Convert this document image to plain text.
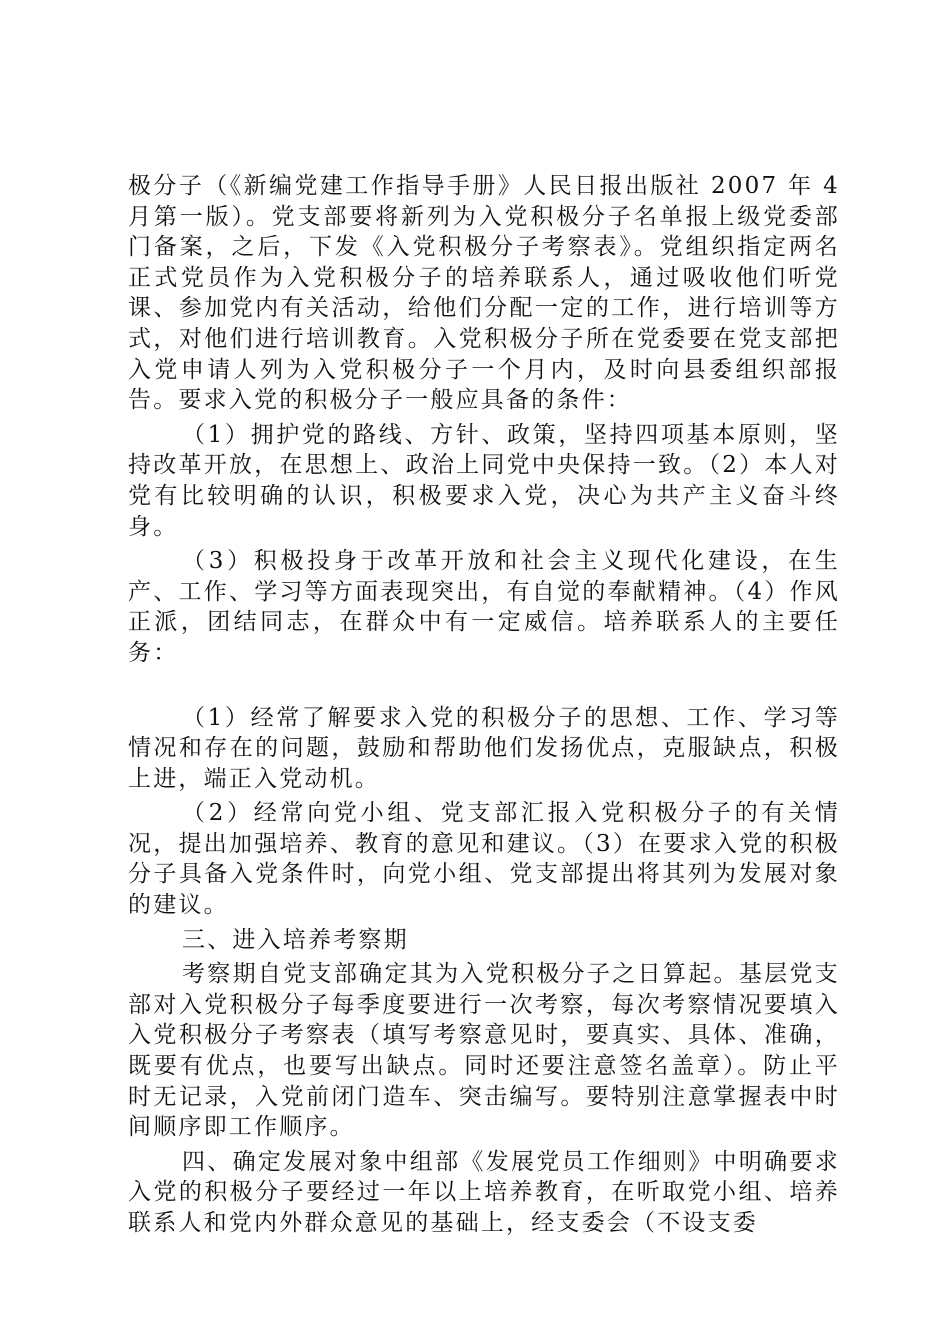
极分子（《新编党建工作指导手册》人民日报出版社 2007 年 4 月第一版）。党支部要将新列为入党积极分子名单报上级党委部门备案，之后，下发《入党积极分子考察表》。党组织指定两名正式党员作为入党积极分子的培养联系人，通过吸收他们听党课、参加党内有关活动，给他们分配一定的工作，进行培训等方式，对他们进行培训教育。入党积极分子所在党委要在党支部把入党申请人列为入党积极分子一个月内，及时向县委组织部报告。要求入党的积极分子一般应具备的条件：

（1）拥护党的路线、方针、政策，坚持四项基本原则，坚持改革开放，在思想上、政治上同党中央保持一致。（2）本人对党有比较明确的认识，积极要求入党，决心为共产主义奋斗终身。

（3）积极投身于改革开放和社会主义现代化建设，在生产、工作、学习等方面表现突出，有自觉的奉献精神。（4）作风正派，团结同志，在群众中有一定威信。培养联系人的主要任务：

（1）经常了解要求入党的积极分子的思想、工作、学习等情况和存在的问题，鼓励和帮助他们发扬优点，克服缺点，积极上进，端正入党动机。

（2）经常向党小组、党支部汇报入党积极分子的有关情况，提出加强培养、教育的意见和建议。（3）在要求入党的积极分子具备入党条件时，向党小组、党支部提出将其列为发展对象的建议。

三、进入培养考察期

考察期自党支部确定其为入党积极分子之日算起。基层党支部对入党积极分子每季度要进行一次考察，每次考察情况要填入入党积极分子考察表（填写考察意见时，要真实、具体、准确，既要有优点，也要写出缺点。同时还要注意签名盖章）。防止平时无记录，入党前闭门造车、突击编写。要特别注意掌握表中时间顺序即工作顺序。

四、确定发展对象中组部《发展党员工作细则》中明确要求入党的积极分子要经过一年以上培养教育，在听取党小组、培养联系人和党内外群众意见的基础上，经支委会（不设支委
